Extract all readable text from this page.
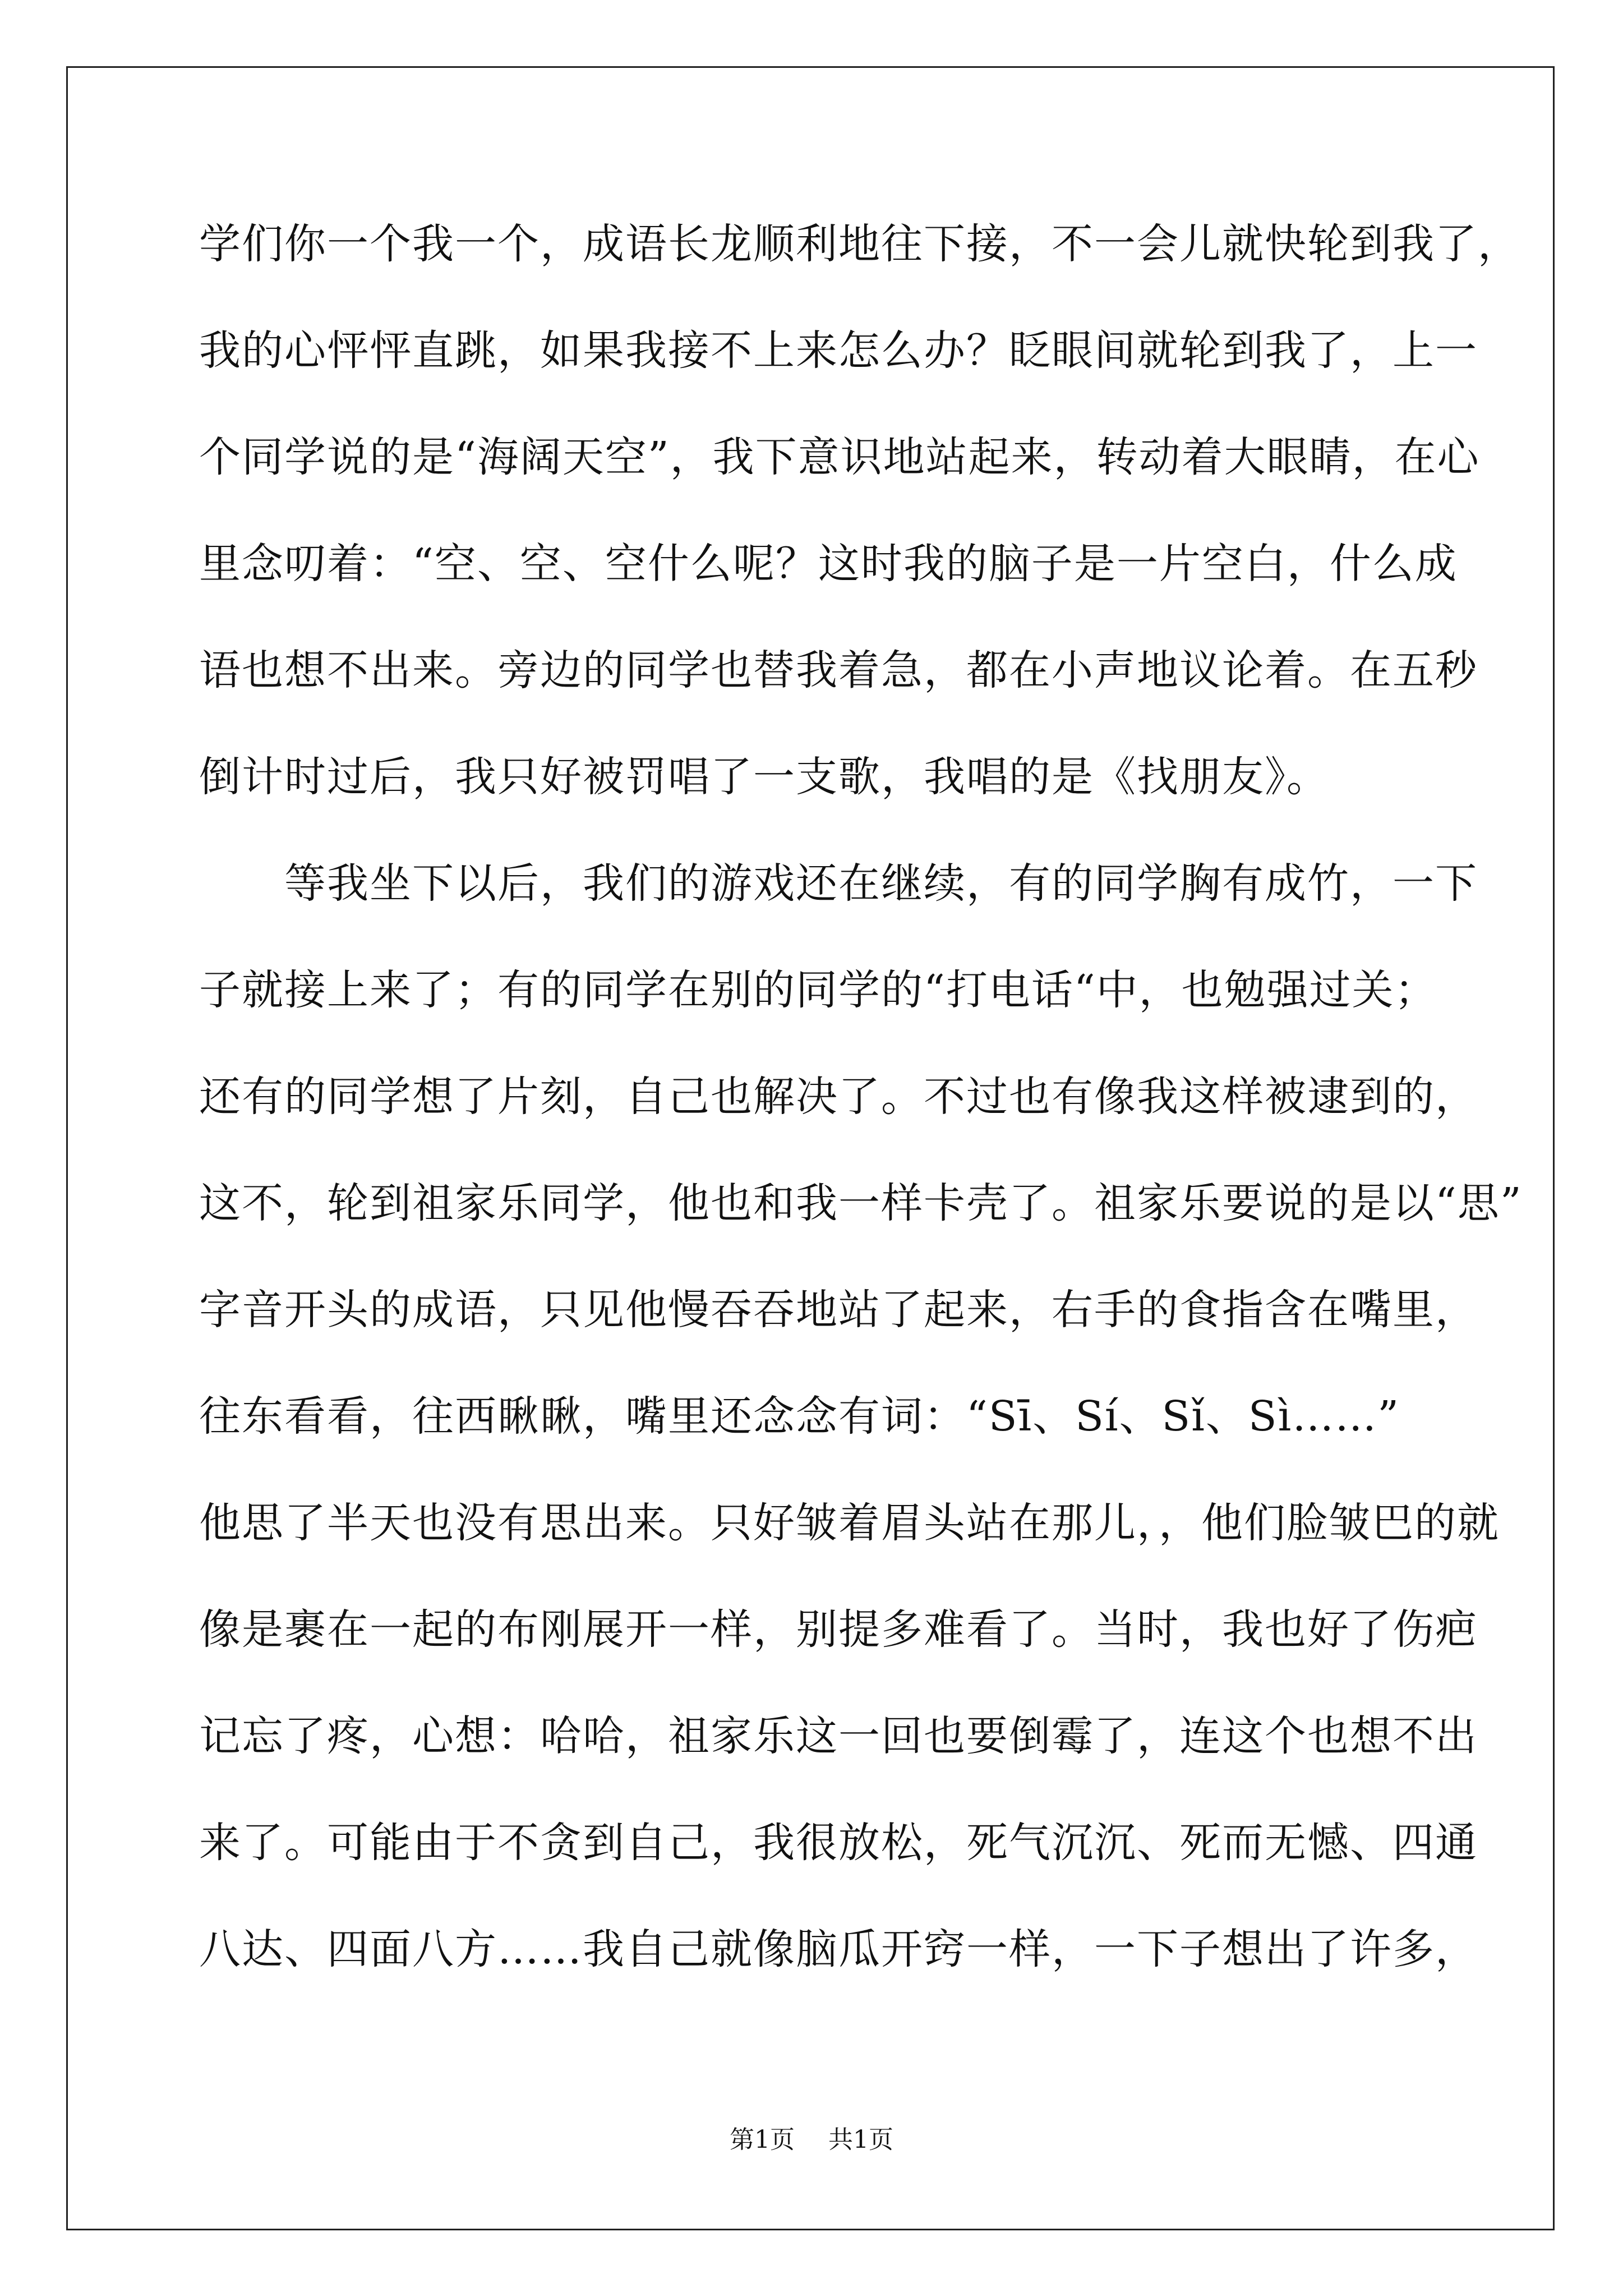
学们你一个我一个，成语长龙顺利地往下接，不一会儿就快轮到我了，
我的心怦怦直跳，如果我接不上来怎么办？眨眼间就轮到我了，上一
个同学说的是“海阔天空”，我下意识地站起来，转动着大眼睛，在心
里念叨着：“空、空、空什么呢？这时我的脑子是一片空白，什么成
语也想不出来。旁边的同学也替我着急，都在小声地议论着。在五秒
倒计时过后，我只好被罚唱了一支歌，我唱的是《找朋友》。
　　等我坐下以后，我们的游戏还在继续，有的同学胸有成竹，一下
子就接上来了；有的同学在别的同学的“打电话“中，也勉强过关；
还有的同学想了片刻，自己也解决了。不过也有像我这样被逮到的，
这不，轮到祖家乐同学，他也和我一样卡壳了。祖家乐要说的是以“思”
字音开头的成语，只见他慢吞吞地站了起来，右手的食指含在嘴里，
往东看看，往西瞅瞅，嘴里还念念有词：“Sī、Sí、Sǐ、Sì……”
他思了半天也没有思出来。只好皱着眉头站在那儿，，他们脸皱巴的就
像是裹在一起的布刚展开一样，别提多难看了。当时，我也好了伤疤
记忘了疼，心想：哈哈，祖家乐这一回也要倒霉了，连这个也想不出
来了。可能由于不贪到自己，我很放松，死气沉沉、死而无憾、四通
八达、四面八方……我自己就像脑瓜开窍一样，一下子想出了许多，
第1页 共1页
